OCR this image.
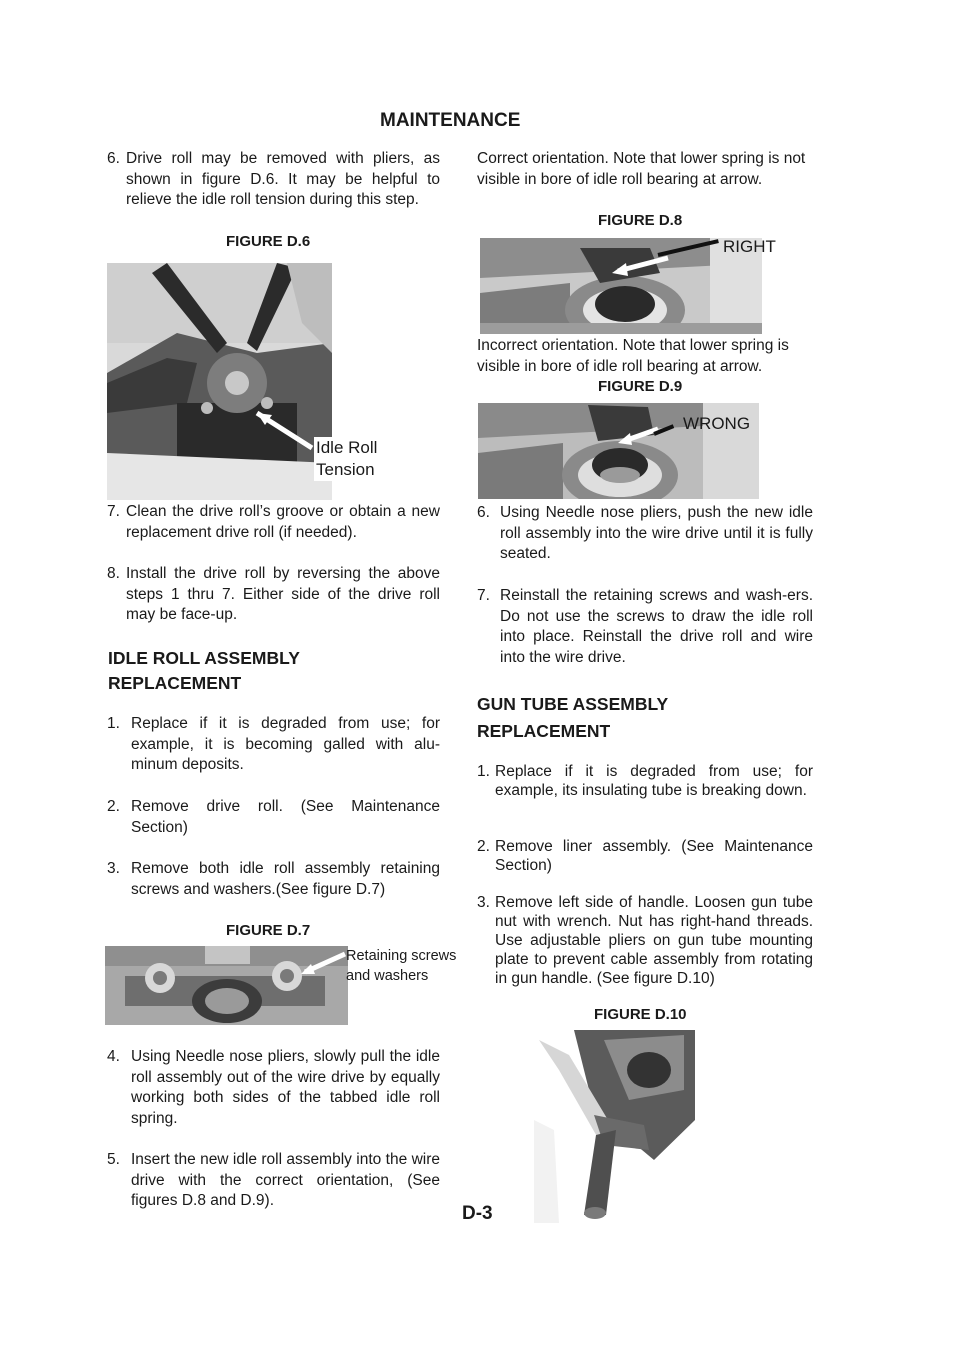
MAINTENANCE
6. Drive roll may be removed with pliers, as shown in figure D.6. It may be helpful to relieve the idle roll tension during this step.
FIGURE D.6
Idle Roll
Tension
7. Clean the drive roll’s groove or obtain a new replacement drive roll (if needed).
8. Install the drive roll by reversing the above steps 1 thru 7. Either side of the drive roll may be face-up.
IDLE ROLL ASSEMBLY
REPLACEMENT
1. Replace if it is degraded from use; for example, it is becoming galled with alu-minum deposits.
2. Remove drive roll. (See Maintenance Section)
3. Remove both idle roll assembly retaining screws and washers.(See figure D.7)
FIGURE D.7
Retaining screws
and washers
4. Using Needle nose pliers, slowly pull the idle roll assembly out of the wire drive by equally working both sides of the tabbed idle roll spring.
5. Insert the new idle roll assembly into the wire drive with the correct orientation, (See figures D.8 and D.9).
Correct orientation. Note that lower spring is not visible in bore of idle roll bearing at arrow.
FIGURE D.8
RIGHT
Incorrect orientation. Note that lower spring is visible in bore of idle roll bearing at arrow.
FIGURE D.9
WRONG
6. Using Needle nose pliers, push the new idle roll assembly into the wire drive until it is fully seated.
7. Reinstall the retaining screws and wash-ers. Do not use the screws to draw the idle roll into place. Reinstall the drive roll and wire into the wire drive.
GUN TUBE ASSEMBLY
REPLACEMENT
1. Replace if it is degraded from use; for example, its insulating tube is breaking down.
2. Remove liner assembly. (See Maintenance Section)
3. Remove left side of handle. Loosen gun tube nut with wrench. Nut has right-hand threads. Use adjustable pliers on gun tube mounting plate to prevent cable assembly from rotating in gun handle. (See figure D.10)
FIGURE D.10
D-3
